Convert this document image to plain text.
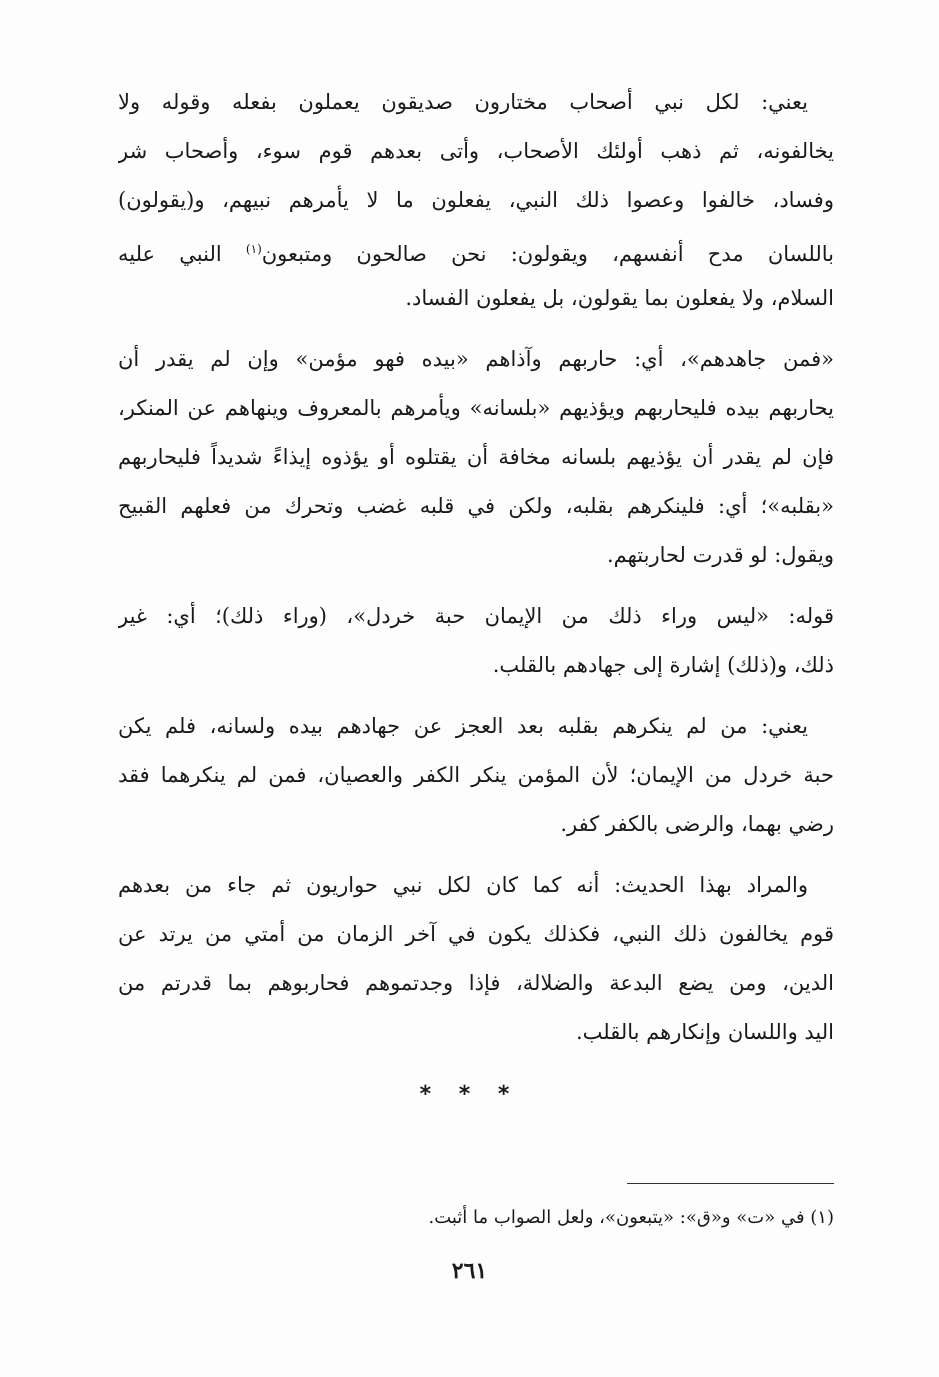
يعني: لكل نبي أصحاب مختارون صديقون يعملون بفعله وقوله ولا
يخالفونه، ثم ذهب أولئك الأصحاب، وأتى بعدهم قوم سوء، وأصحاب شر
وفساد، خالفوا وعصوا ذلك النبي، يفعلون ما لا يأمرهم نبيهم، و(يقولون)
باللسان مدح أنفسهم، ويقولون: نحن صالحون ومتبعون$^{(١)}$ النبي عليه
السلام، ولا يفعلون بما يقولون، بل يفعلون الفساد.

«فمن جاهدهم»، أي: حاربهم وآذاهم «بيده فهو مؤمن» وإن لم يقدر أن
يحاربهم بيده فليحاربهم ويؤذيهم «بلسانه» ويأمرهم بالمعروف وينهاهم عن المنكر،
فإن لم يقدر أن يؤذيهم بلسانه مخافة أن يقتلوه أو يؤذوه إيذاءً شديداً فليحاربهم
«بقلبه»؛ أي: فلينكرهم بقلبه، ولكن في قلبه غضب وتحرك من فعلهم القبيح
ويقول: لو قدرت لحاربتهم.

قوله: «ليس وراء ذلك من الإيمان حبة خردل»، (وراء ذلك)؛ أي: غير
ذلك، و(ذلك) إشارة إلى جهادهم بالقلب.

يعني: من لم ينكرهم بقلبه بعد العجز عن جهادهم بيده ولسانه، فلم يكن
حبة خردل من الإيمان؛ لأن المؤمن ينكر الكفر والعصيان، فمن لم ينكرهما فقد
رضي بهما، والرضى بالكفر كفر.

والمراد بهذا الحديث: أنه كما كان لكل نبي حواريون ثم جاء من بعدهم
قوم يخالفون ذلك النبي، فكذلك يكون في آخر الزمان من أمتي من يرتد عن
الدين، ومن يضع البدعة والضلالة، فإذا وجدتموهم فحاربوهم بما قدرتم من
اليد واللسان وإنكارهم بالقلب.

* * *
(١) في «ت» و«ق»: «يتبعون»، ولعل الصواب ما أثبت.
٢٦١
